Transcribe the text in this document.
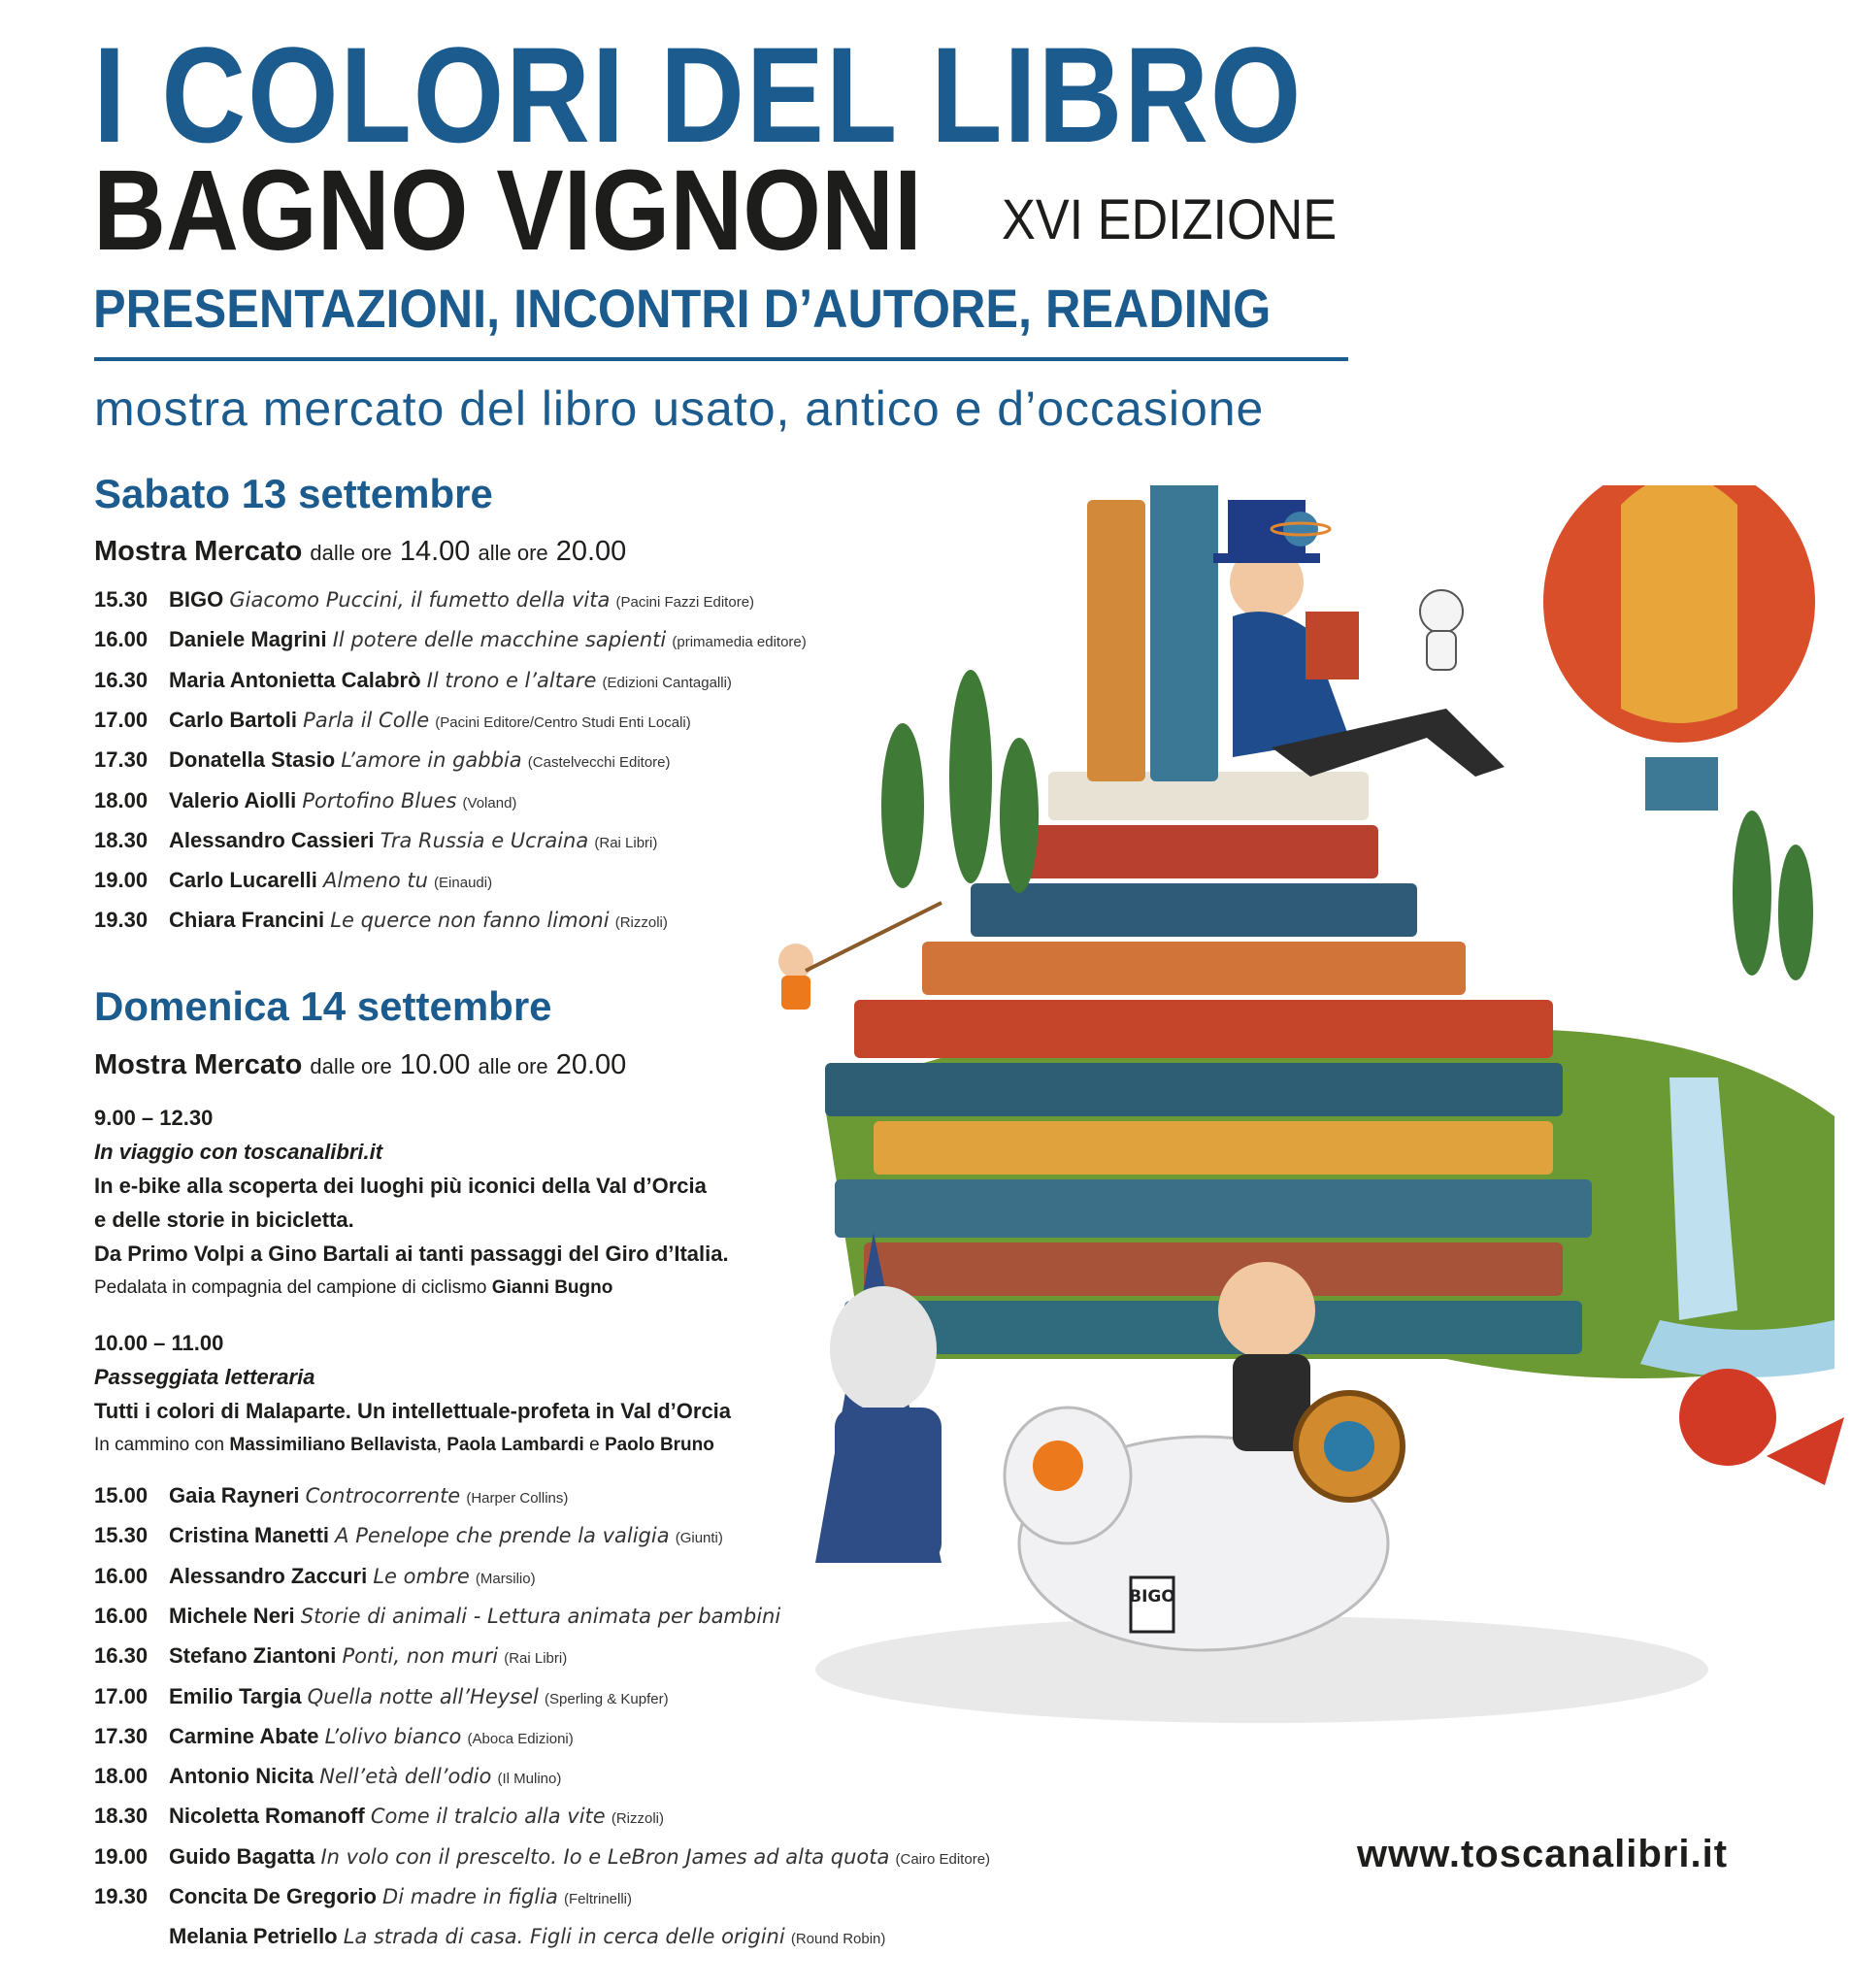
I COLORI DEL LIBRO
BAGNO VIGNONI XVI EDIZIONE
PRESENTAZIONI, INCONTRI D’AUTORE, READING
mostra mercato del libro usato, antico e d’occasione
Sabato 13 settembre
Mostra Mercato dalle ore 14.00 alle ore 20.00
15.30 BIGO Giacomo Puccini, il fumetto della vita (Pacini Fazzi Editore)
16.00 Daniele Magrini Il potere delle macchine sapienti (primamedia editore)
16.30 Maria Antonietta Calabrò Il trono e l’altare (Edizioni Cantagalli)
17.00 Carlo Bartoli Parla il Colle (Pacini Editore/Centro Studi Enti Locali)
17.30 Donatella Stasio L’amore in gabbia (Castelvecchi Editore)
18.00 Valerio Aiolli Portofino Blues (Voland)
18.30 Alessandro Cassieri Tra Russia e Ucraina (Rai Libri)
19.00 Carlo Lucarelli Almeno tu (Einaudi)
19.30 Chiara Francini Le querce non fanno limoni (Rizzoli)
Domenica 14 settembre
Mostra Mercato dalle ore 10.00 alle ore 20.00
9.00 – 12.30
In viaggio con toscanalibri.it
In e-bike alla scoperta dei luoghi più iconici della Val d’Orcia
e delle storie in bicicletta.
Da Primo Volpi a Gino Bartali ai tanti passaggi del Giro d’Italia.
Pedalata in compagnia del campione di ciclismo Gianni Bugno
10.00 – 11.00
Passeggiata letteraria
Tutti i colori di Malaparte. Un intellettuale-profeta in Val d’Orcia
In cammino con Massimiliano Bellavista, Paola Lambardi e Paolo Bruno
15.00 Gaia Rayneri Controcorrente (Harper Collins)
15.30 Cristina Manetti A Penelope che prende la valigia (Giunti)
16.00 Alessandro Zaccuri Le ombre (Marsilio)
16.00 Michele Neri Storie di animali - Lettura animata per bambini
16.30 Stefano Ziantoni Ponti, non muri (Rai Libri)
17.00 Emilio Targia Quella notte all’Heysel (Sperling & Kupfer)
17.30 Carmine Abate L’olivo bianco (Aboca Edizioni)
18.00 Antonio Nicita Nell’età dell’odio (Il Mulino)
18.30 Nicoletta Romanoff Come il tralcio alla vite (Rizzoli)
19.00 Guido Bagatta In volo con il prescelto. Io e LeBron James ad alta quota (Cairo Editore)
19.30 Concita De Gregorio Di madre in figlia (Feltrinelli)
Melania Petriello La strada di casa. Figli in cerca delle origini (Round Robin)
BIGO
www.toscanalibri.it
